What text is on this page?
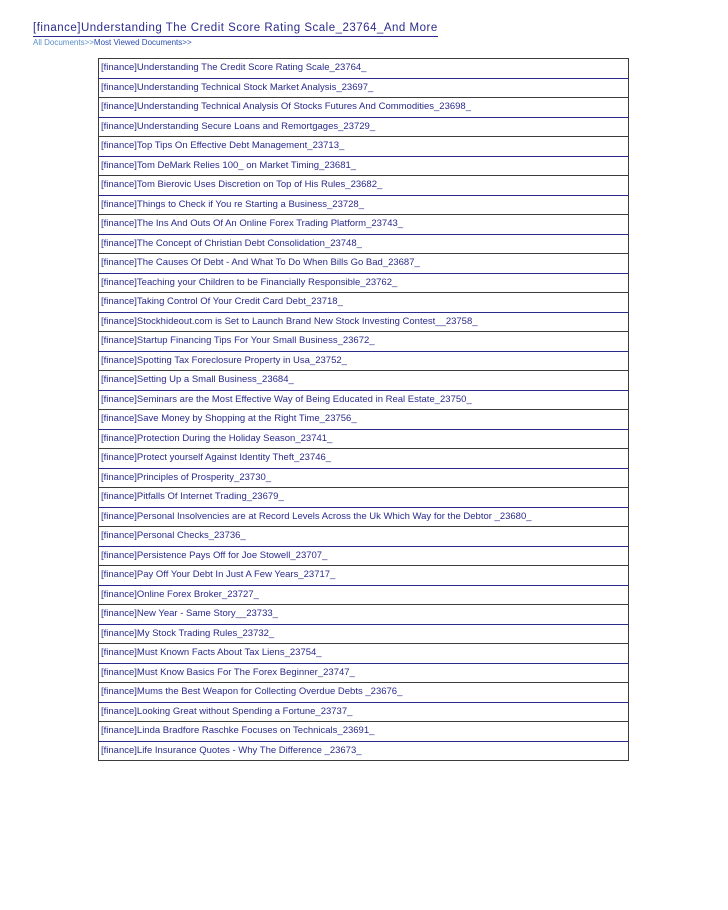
[finance]Understanding The Credit Score Rating Scale_23764_And More
All Documents>>Most Viewed Documents>>
[finance]Understanding The Credit Score Rating Scale_23764_
[finance]Understanding Technical Stock Market Analysis_23697_
[finance]Understanding Technical Analysis Of Stocks Futures And Commodities_23698_
[finance]Understanding Secure Loans and Remortgages_23729_
[finance]Top Tips On Effective Debt Management_23713_
[finance]Tom DeMark Relies 100_ on Market Timing_23681_
[finance]Tom Bierovic Uses Discretion on Top of His Rules_23682_
[finance]Things to Check if You re Starting a Business_23728_
[finance]The Ins And Outs Of An Online Forex Trading Platform_23743_
[finance]The Concept of Christian Debt Consolidation_23748_
[finance]The Causes Of Debt - And What To Do When Bills Go Bad_23687_
[finance]Teaching your Children to be Financially Responsible_23762_
[finance]Taking Control Of Your Credit Card Debt_23718_
[finance]Stockhideout.com is Set to Launch Brand New Stock Investing Contest__23758_
[finance]Startup Financing Tips For Your Small Business_23672_
[finance]Spotting Tax Foreclosure Property in Usa_23752_
[finance]Setting Up a Small Business_23684_
[finance]Seminars are the Most Effective Way of Being Educated in Real Estate_23750_
[finance]Save Money by Shopping at the Right Time_23756_
[finance]Protection During the Holiday Season_23741_
[finance]Protect yourself Against Identity Theft_23746_
[finance]Principles of Prosperity_23730_
[finance]Pitfalls Of Internet Trading_23679_
[finance]Personal Insolvencies are at Record Levels Across the Uk Which Way for the Debtor _23680_
[finance]Personal Checks_23736_
[finance]Persistence Pays Off for Joe Stowell_23707_
[finance]Pay Off Your Debt In Just A Few Years_23717_
[finance]Online Forex Broker_23727_
[finance]New Year - Same Story__23733_
[finance]My Stock Trading Rules_23732_
[finance]Must Known Facts About Tax Liens_23754_
[finance]Must Know Basics For The Forex Beginner_23747_
[finance]Mums the Best Weapon for Collecting Overdue Debts _23676_
[finance]Looking Great without Spending a Fortune_23737_
[finance]Linda Bradfore Raschke Focuses on Technicals_23691_
[finance]Life Insurance Quotes - Why The Difference _23673_
